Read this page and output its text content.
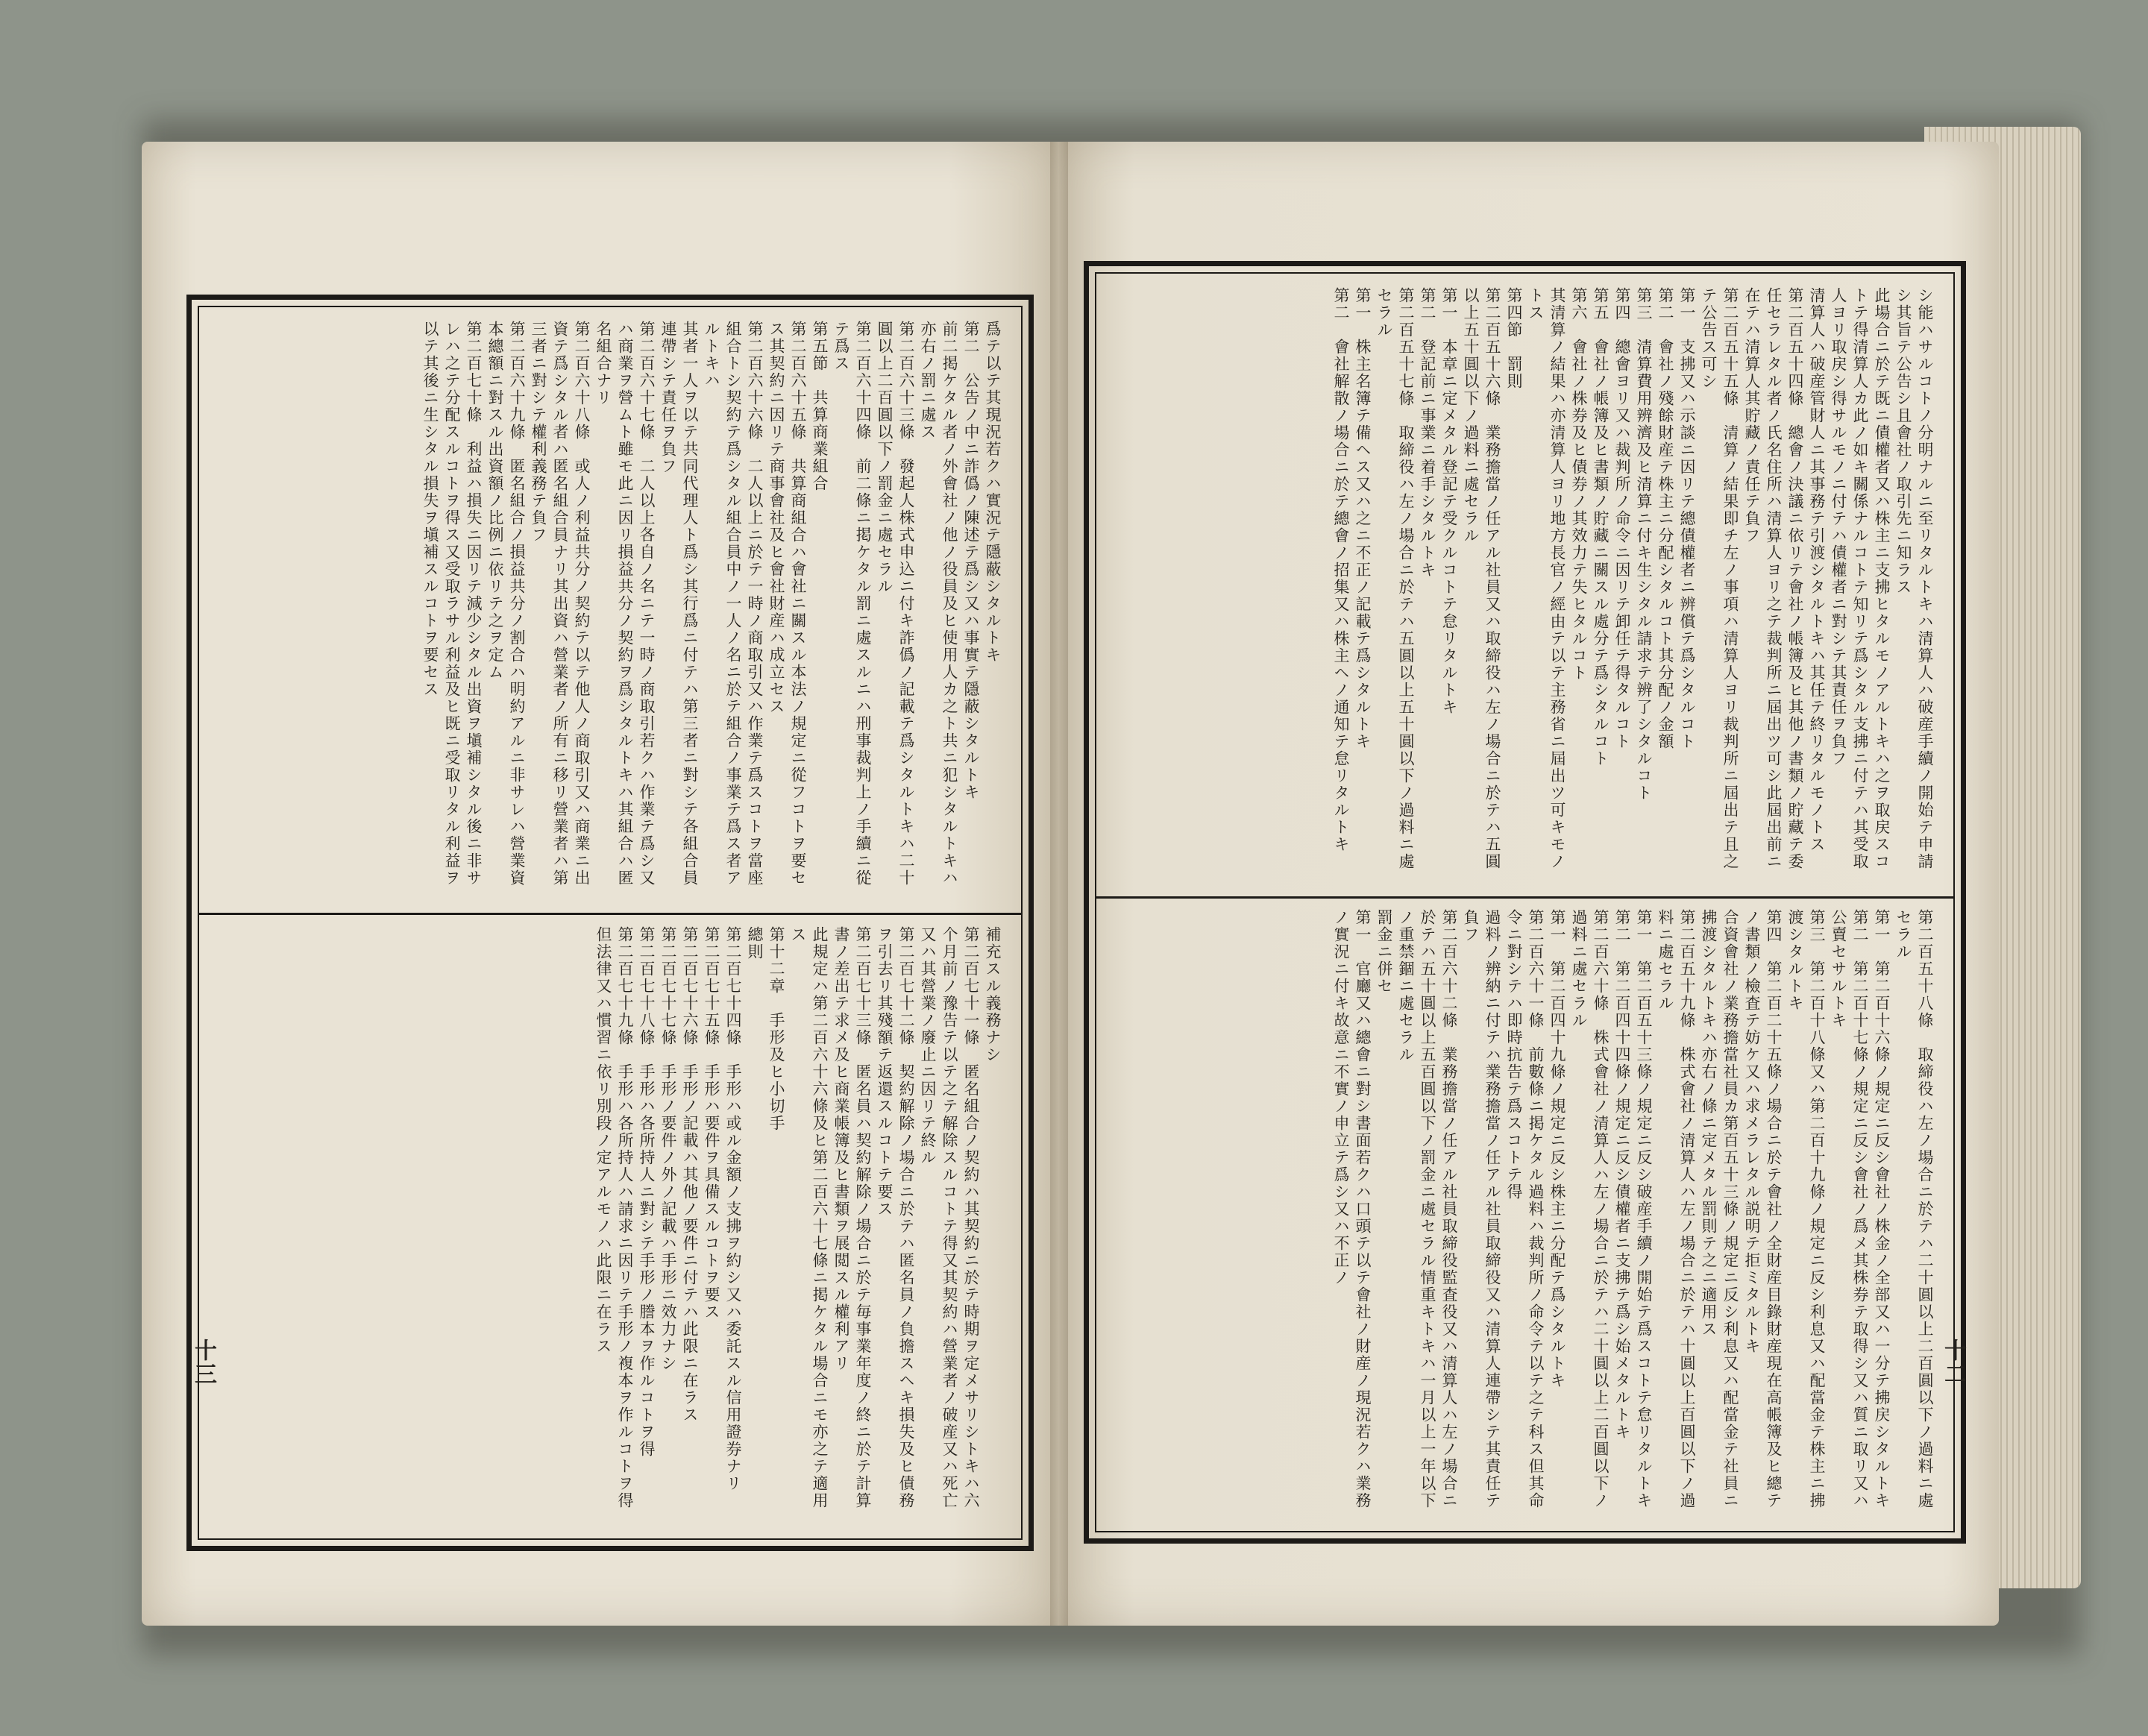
爲テ以テ其現況若クハ實況テ隱蔽シタルトキ
第二　公告ノ中ニ詐僞ノ陳述テ爲シ又ハ事實テ隱蔽シタルトキ
前二掲ケタル者ノ外會社ノ他ノ役員及ヒ使用人カ之ト共ニ犯シタルトキハ亦右ノ罰ニ處ス
第二百六十三條　發起人株式申込ニ付キ詐僞ノ記載テ爲シタルトキハ二十圓以上二百圓以下ノ罰金ニ處セラル
第二百六十四條　前二條ニ掲ケタル罰ニ處スルニハ刑事裁判上ノ手續ニ從テ爲ス
第五節　共算商業組合
第二百六十五條　共算商組合ハ會社ニ關スル本法ノ規定ニ從フコトヲ要セス其契約ニ因リテ商事會社及ヒ會社財産ハ成立セス
第二百六十六條　二人以上ニ於テ一時ノ商取引又ハ作業テ爲スコトヲ當座組合トシ契約テ爲シタル組合員中ノ一人ノ名ニ於テ組合ノ事業テ爲ス者アルトキハ
其者一人ヲ以テ共同代理人ト爲シ其行爲ニ付テハ第三者ニ對シテ各組合員連帶シテ責任ヲ負フ
第二百六十七條　二人以上各自ノ名ニテ一時ノ商取引若クハ作業テ爲シ又ハ商業ヲ營ムト雖モ此ニ因リ損益共分ノ契約ヲ爲シタルトキハ其組合ハ匿名組合ナリ
第二百六十八條　或人ノ利益共分ノ契約テ以テ他人ノ商取引又ハ商業ニ出資テ爲シタル者ハ匿名組合員ナリ其出資ハ營業者ノ所有ニ移リ營業者ハ第三者ニ對シテ權利義務テ負フ
第二百六十九條　匿名組合ノ損益共分ノ割合ハ明約アルニ非サレハ營業資本總額ニ對スル出資額ノ比例ニ依リテ之ヲ定ム
第二百七十條　利益ハ損失ニ因リテ減少シタル出資ヲ塡補シタル後ニ非サレハ之テ分配スルコトヲ得ス又受取ラサル利益及ヒ既ニ受取リタル利益ヲ以テ其後ニ生シタル損失ヲ塡補スルコトヲ要セス
補充スル義務ナシ
第二百七十一條　匿名組合ノ契約ハ其契約ニ於テ時期ヲ定メサリシトキハ六个月前ノ豫告テ以テ之テ解除スルコトテ得又其契約ハ營業者ノ破産又ハ死亡又ハ其營業ノ廢止ニ因リテ終ル
第二百七十二條　契約解除ノ場合ニ於テハ匿名員ノ負擔スヘキ損失及ヒ債務ヲ引去リ其殘額テ返還スルコトテ要ス
第二百七十三條　匿名員ハ契約解除ノ場合ニ於テ毎事業年度ノ終ニ於テ計算書ノ差出テ求メ及ヒ商業帳簿及ヒ書類ヲ展閲スル權利アリ
此規定ハ第二百六十六條及ヒ第二百六十七條ニ掲ケタル場合ニモ亦之テ適用ス
第十二章　手形及ヒ小切手
總則
第二百七十四條　手形ハ或ル金額ノ支拂ヲ約シ又ハ委託スル信用證券ナリ
第二百七十五條　手形ハ要件ヲ具備スルコトヲ要ス
第二百七十六條　手形ノ記載ハ其他ノ要件ニ付テハ此限ニ在ラス
第二百七十七條　手形ノ要件ノ外ノ記載ハ手形ニ效力ナシ
第二百七十八條　手形ハ各所持人ニ對シテ手形ノ謄本ヲ作ルコトヲ得
第二百七十九條　手形ハ各所持人ハ請求ニ因リテ手形ノ複本ヲ作ルコトヲ得但法律又ハ慣習ニ依リ別段ノ定アルモノハ此限ニ在ラス
シ能ハサルコトノ分明ナルニ至リタルトキハ清算人ハ破産手續ノ開始テ申請シ其旨テ公告シ且會社ノ取引先ニ知ラス
此場合ニ於テ既ニ債權者又ハ株主ニ支拂ヒタルモノアルトキハ之ヲ取戻スコトテ得清算人カ此ノ如キ關係ナルコトテ知リテ爲シタル支拂ニ付テハ其受取人ヨリ取戻シ得サルモノニ付テハ債權者ニ對シテ其責任ヲ負フ
清算人ハ破産管財人ニ其事務テ引渡シタルトキハ其任テ終リタルモノトス
第二百五十四條　總會ノ決議ニ依リテ會社ノ帳簿及ヒ其他ノ書類ノ貯藏テ委任セラレタル者ノ氏名住所ハ清算人ヨリ之テ裁判所ニ屆出ツ可シ此屆出前ニ在テハ清算人其貯藏ノ責任テ負フ
第二百五十五條　清算ノ結果即チ左ノ事項ハ清算人ヨリ裁判所ニ屆出テ且之テ公告ス可シ
第一　支拂又ハ示談ニ因リテ總債權者ニ辨償テ爲シタルコト
第二　會社ノ殘餘財産テ株主ニ分配シタルコト其分配ノ金額
第三　清算費用辨濟及ヒ清算ニ付キ生シタル請求テ辨了シタルコト
第四　總會ヨリ又ハ裁判所ノ命令ニ因リテ卸任テ得タルコト
第五　會社ノ帳簿及ヒ書類ノ貯藏ニ關スル處分テ爲シタルコト
第六　會社ノ株券及ヒ債券ノ其效力テ失ヒタルコト
其清算ノ結果ハ亦清算人ヨリ地方長官ノ經由テ以テ主務省ニ屆出ツ可キモノトス
第四節　罰則
第二百五十六條　業務擔當ノ任アル社員又ハ取締役ハ左ノ場合ニ於テハ五圓以上五十圓以下ノ過料ニ處セラル
第一　本章ニ定メタル登記テ受クルコトテ怠リタルトキ
第二　登記前ニ事業ニ着手シタルトキ
第二百五十七條　取締役ハ左ノ場合ニ於テハ五圓以上五十圓以下ノ過料ニ處セラル
第一　株主名簿テ備ヘス又ハ之ニ不正ノ記載テ爲シタルトキ
第二　會社解散ノ場合ニ於テ總會ノ招集又ハ株主ヘノ通知テ怠リタルトキ
第二百五十八條　取締役ハ左ノ場合ニ於テハ二十圓以上二百圓以下ノ過料ニ處セラル
第一　第二百十六條ノ規定ニ反シ會社ノ株金ノ全部又ハ一分テ拂戻シタルトキ
第二　第二百十七條ノ規定ニ反シ會社ノ爲メ其株券テ取得シ又ハ質ニ取リ又ハ公賣セサルトキ
第三　第二百十八條又ハ第二百十九條ノ規定ニ反シ利息又ハ配當金テ株主ニ拂渡シタルトキ
第四　第二百二十五條ノ場合ニ於テ會社ノ全財産目錄財産現在高帳簿及ヒ總テノ書類ノ檢査テ妨ケ又ハ求メラレタル説明テ拒ミタルトキ
合資會社ノ業務擔當社員カ第百五十三條ノ規定ニ反シ利息又ハ配當金テ社員ニ拂渡シタルトキハ亦右ノ條ニ定メタル罰則テ之ニ適用ス
第二百五十九條　株式會社ノ清算人ハ左ノ場合ニ於テハ十圓以上百圓以下ノ過料ニ處セラル
第一　第二百五十三條ノ規定ニ反シ破産手續ノ開始テ爲スコトテ怠リタルトキ
第二　第二百四十四條ノ規定ニ反シ債權者ニ支拂テ爲シ始メタルトキ
第二百六十條　株式會社ノ清算人ハ左ノ場合ニ於テハ二十圓以上二百圓以下ノ過料ニ處セラル
第一　第二百四十九條ノ規定ニ反シ株主ニ分配テ爲シタルトキ
第二百六十一條　前數條ニ掲ケタル過料ハ裁判所ノ命令テ以テ之テ科ス但其命令ニ對シテハ即時抗告テ爲スコトテ得
過料ノ辨納ニ付テハ業務擔當ノ任アル社員取締役又ハ清算人連帶シテ其責任テ負フ
第二百六十二條　業務擔當ノ任アル社員取締役監査役又ハ清算人ハ左ノ場合ニ於テハ五十圓以上五百圓以下ノ罰金ニ處セラル情重キトキハ一月以上一年以下ノ重禁錮ニ處セラル
罰金ニ併セ
第一　官廳又ハ總會ニ對シ書面若クハ口頭テ以テ會社ノ財産ノ現況若クハ業務ノ實況ニ付キ故意ニ不實ノ申立テ爲シ又ハ不正ノ
十三	十二
